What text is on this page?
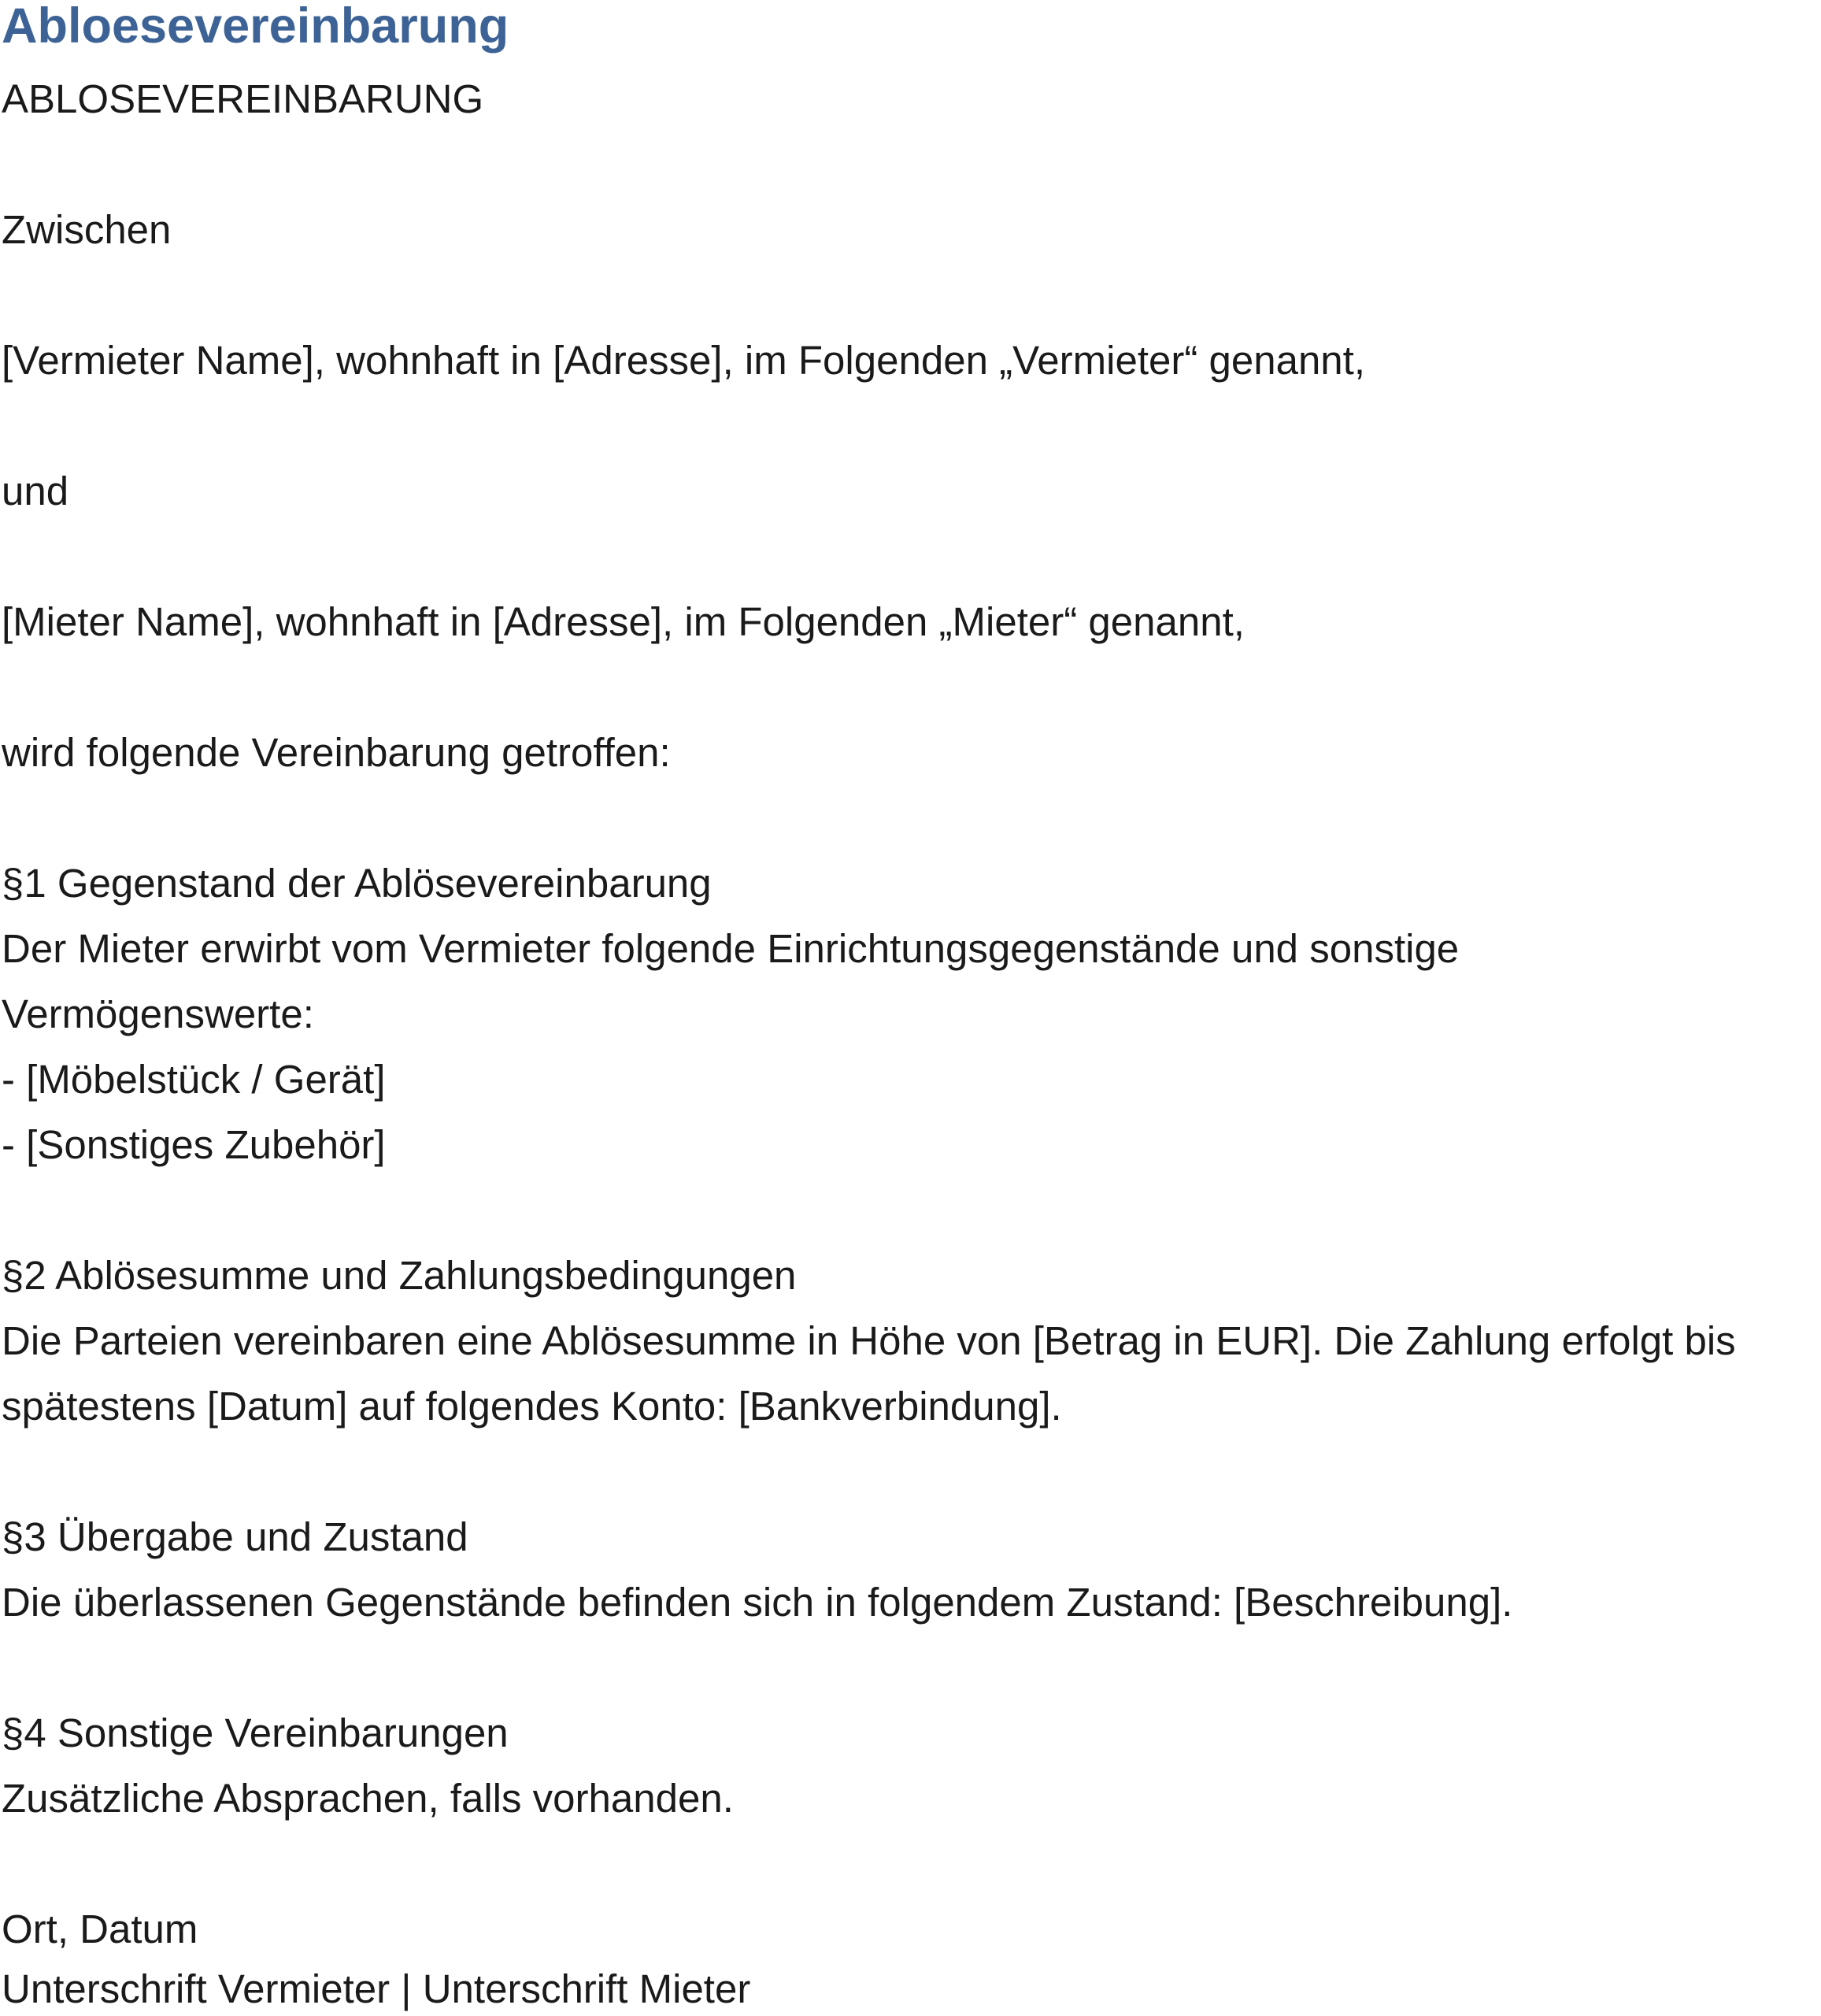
Abloesevereinbarung

ABLOSEVEREINBARUNG

Zwischen

[Vermieter Name], wohnhaft in [Adresse], im Folgenden „Vermieter“ genannt,

und

[Mieter Name], wohnhaft in [Adresse], im Folgenden „Mieter“ genannt,

wird folgende Vereinbarung getroffen:

§1 Gegenstand der Ablösevereinbarung

Der Mieter erwirbt vom Vermieter folgende Einrichtungsgegenstände und sonstige

Vermögenswerte:

- [Möbelstück / Gerät]

- [Sonstiges Zubehör]

§2 Ablösesumme und Zahlungsbedingungen

Die Parteien vereinbaren eine Ablösesumme in Höhe von [Betrag in EUR]. Die Zahlung erfolgt bis

spätestens [Datum] auf folgendes Konto: [Bankverbindung].

§3 Übergabe und Zustand

Die überlassenen Gegenstände befinden sich in folgendem Zustand: [Beschreibung].

§4 Sonstige Vereinbarungen

Zusätzliche Absprachen, falls vorhanden.

Ort, Datum

Unterschrift Vermieter | Unterschrift Mieter
